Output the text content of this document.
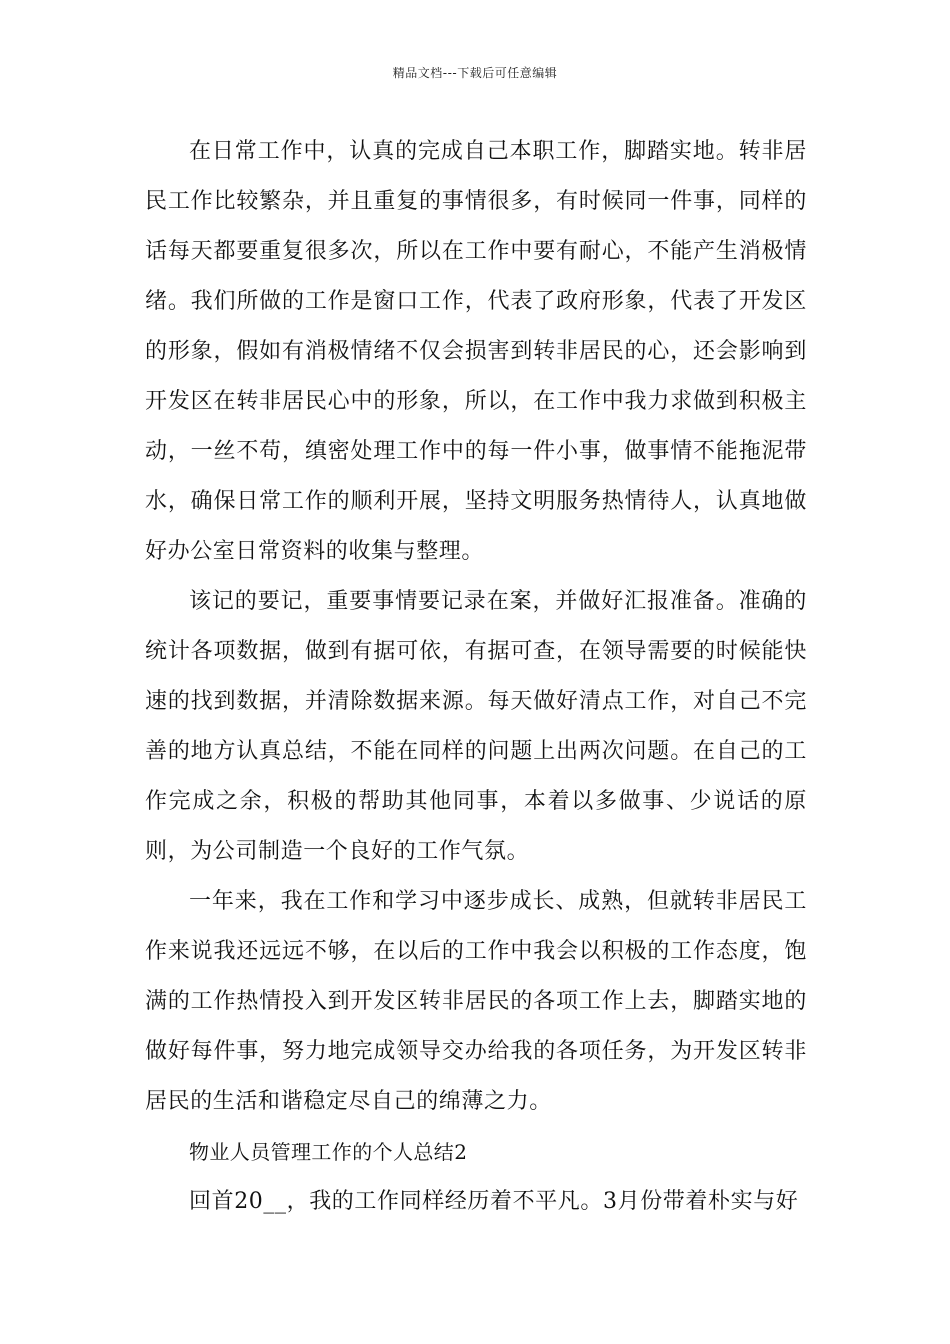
精品文档---下载后可任意编辑

在日常工作中，认真的完成自己本职工作，脚踏实地。转非居民工作比较繁杂，并且重复的事情很多，有时候同一件事，同样的话每天都要重复很多次，所以在工作中要有耐心，不能产生消极情绪。我们所做的工作是窗口工作，代表了政府形象，代表了开发区的形象，假如有消极情绪不仅会损害到转非居民的心，还会影响到开发区在转非居民心中的形象，所以，在工作中我力求做到积极主动，一丝不苟，缜密处理工作中的每一件小事，做事情不能拖泥带水，确保日常工作的顺利开展，坚持文明服务热情待人，认真地做好办公室日常资料的收集与整理。

该记的要记，重要事情要记录在案，并做好汇报准备。准确的统计各项数据，做到有据可依，有据可查，在领导需要的时候能快速的找到数据，并清除数据来源。每天做好清点工作，对自己不完善的地方认真总结，不能在同样的问题上出两次问题。在自己的工作完成之余，积极的帮助其他同事，本着以多做事、少说话的原则，为公司制造一个良好的工作气氛。

一年来，我在工作和学习中逐步成长、成熟，但就转非居民工作来说我还远远不够，在以后的工作中我会以积极的工作态度，饱满的工作热情投入到开发区转非居民的各项工作上去，脚踏实地的做好每件事，努力地完成领导交办给我的各项任务，为开发区转非居民的生活和谐稳定尽自己的绵薄之力。

物业人员管理工作的个人总结2

回首20__，我的工作同样经历着不平凡。3月份带着朴实与好
